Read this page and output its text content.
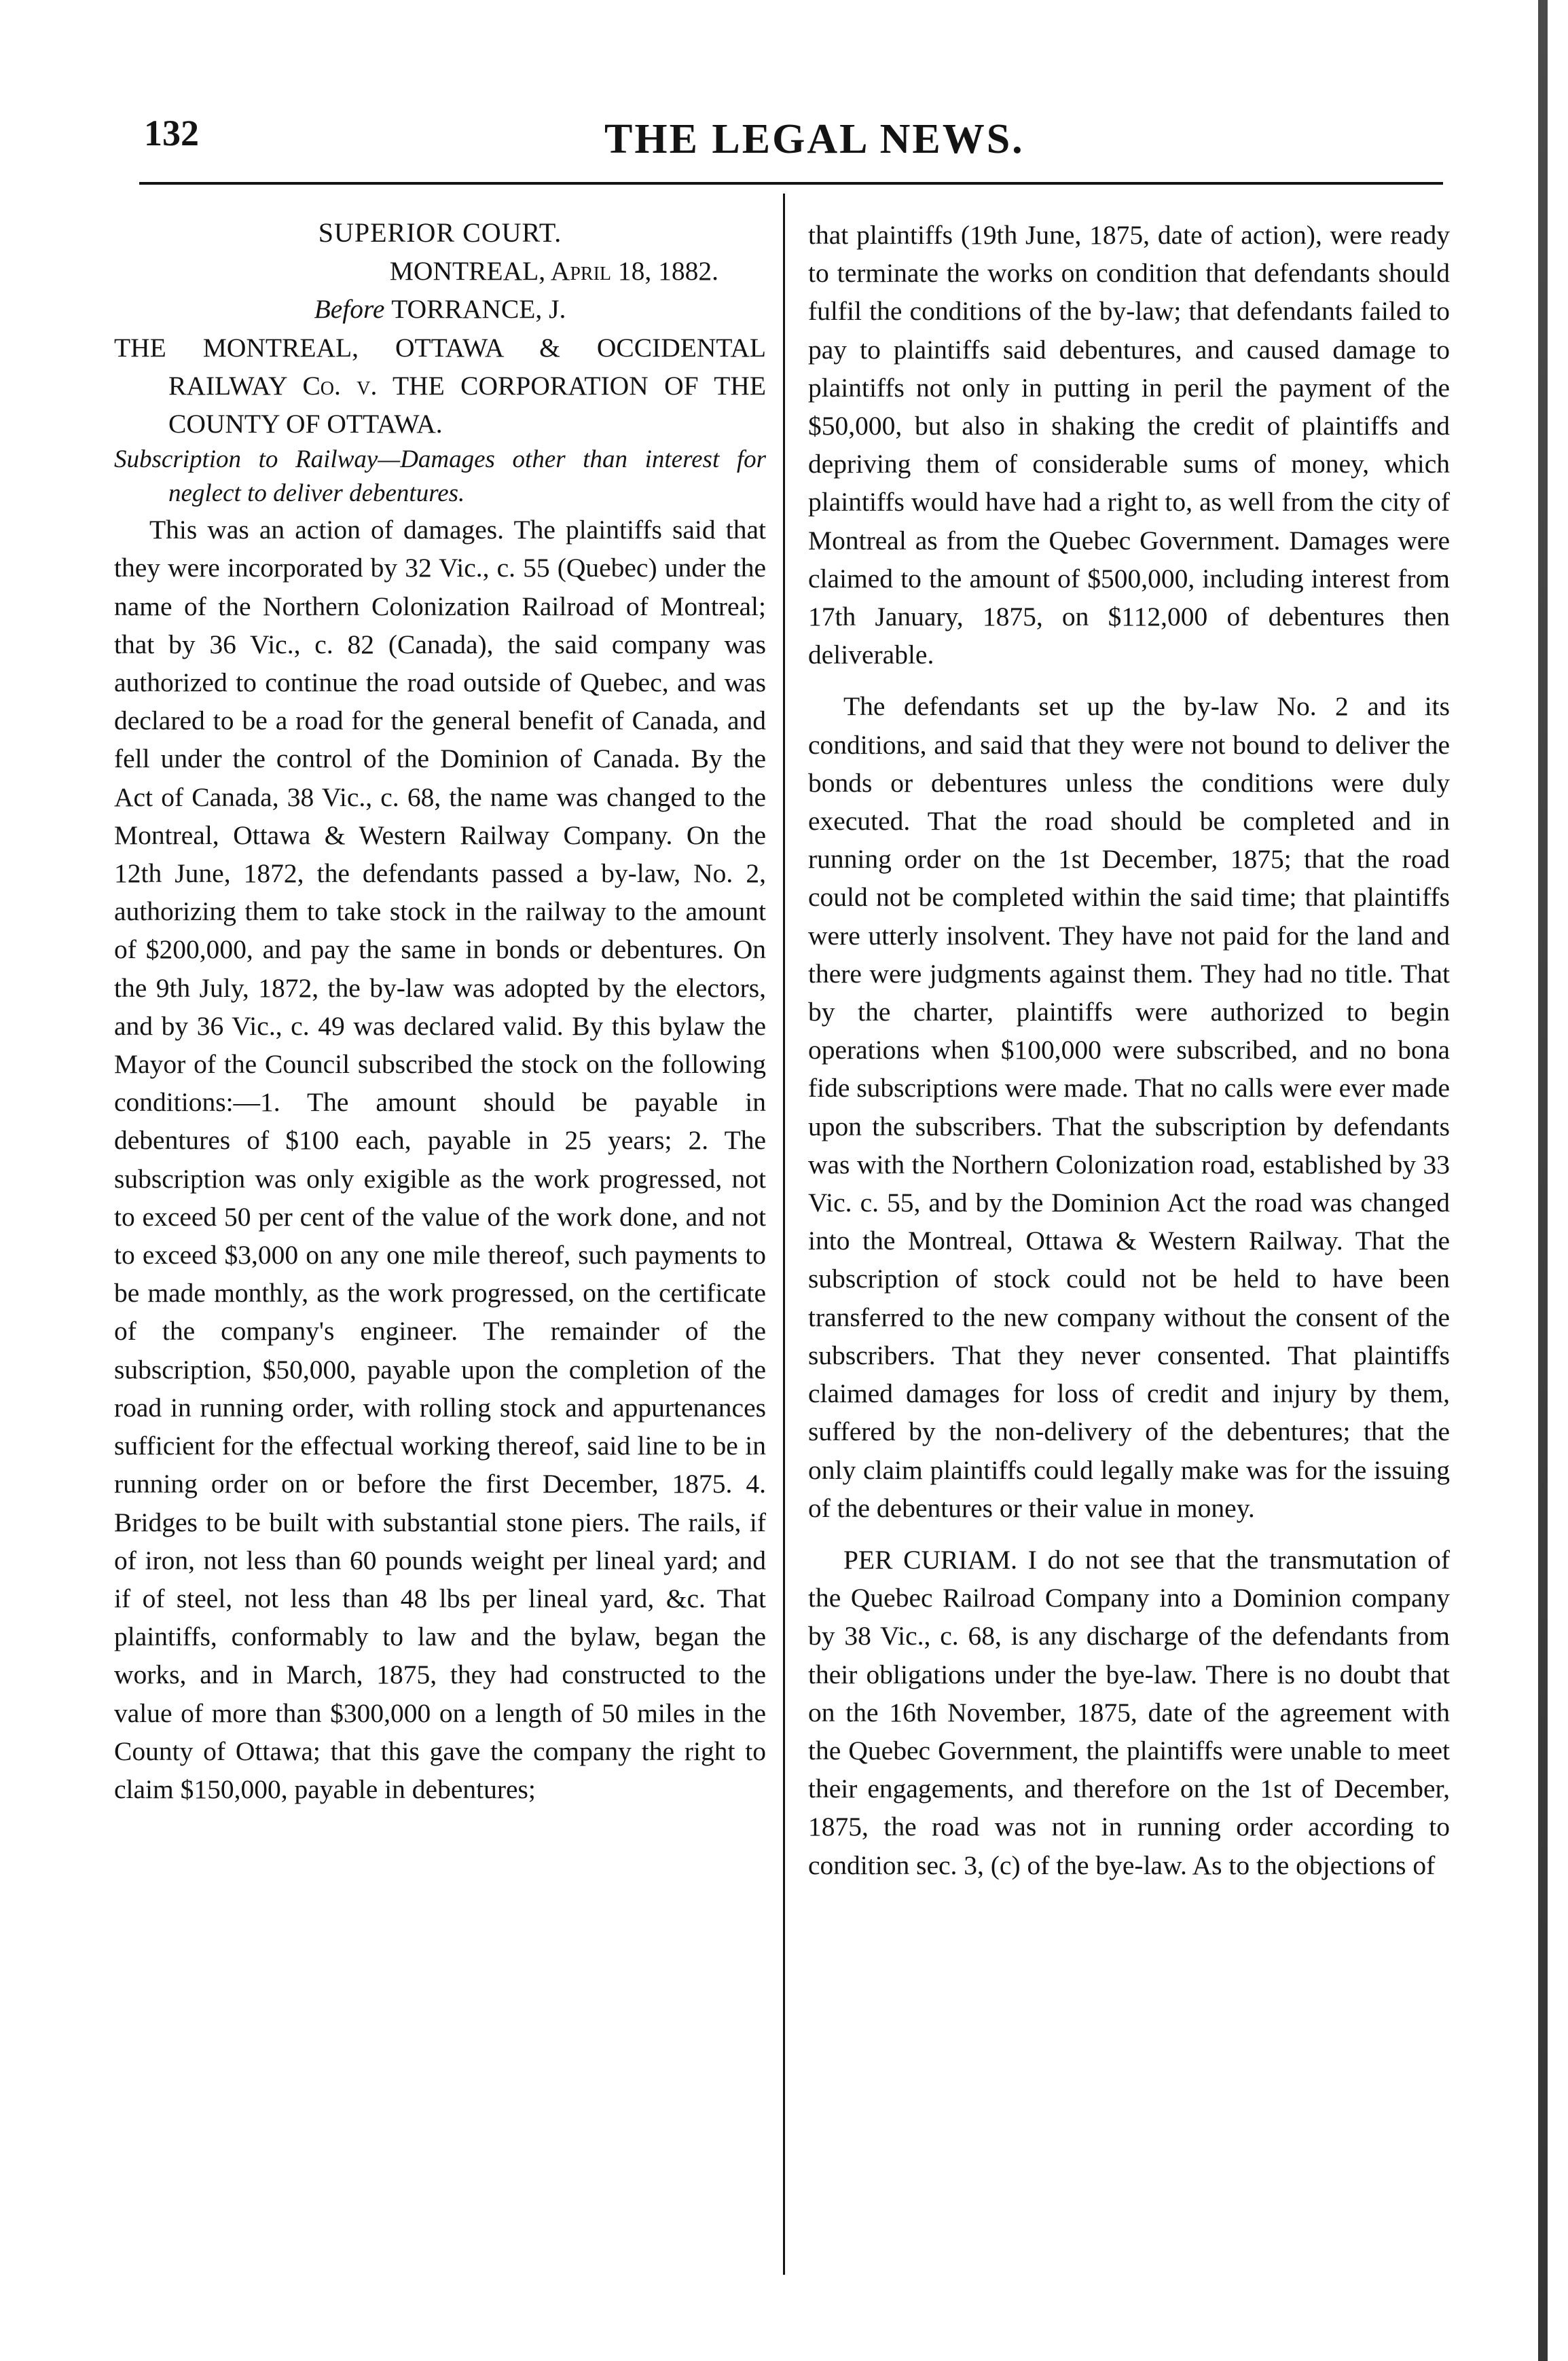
132	THE LEGAL NEWS.

SUPERIOR COURT.

MONTREAL, April 18, 1882.

Before TORRANCE, J.

THE MONTREAL, OTTAWA & OCCIDENTAL RAILWAY Co. v. THE CORPORATION OF THE COUNTY OF OTTAWA.

Subscription to Railway—Damages other than interest for neglect to deliver debentures.

This was an action of damages. The plaintiffs said that they were incorporated by 32 Vic., c. 55 (Quebec) under the name of the Northern Colonization Railroad of Montreal; that by 36 Vic., c. 82 (Canada), the said company was authorized to continue the road outside of Quebec, and was declared to be a road for the general benefit of Canada, and fell under the control of the Dominion of Canada. By the Act of Canada, 38 Vic., c. 68, the name was changed to the Montreal, Ottawa & Western Railway Company. On the 12th June, 1872, the defendants passed a by-law, No. 2, authorizing them to take stock in the railway to the amount of $200,000, and pay the same in bonds or debentures. On the 9th July, 1872, the by-law was adopted by the electors, and by 36 Vic., c. 49 was declared valid. By this bylaw the Mayor of the Council subscribed the stock on the following conditions:—1. The amount should be payable in debentures of $100 each, payable in 25 years; 2. The subscription was only exigible as the work progressed, not to exceed 50 per cent of the value of the work done, and not to exceed $3,000 on any one mile thereof, such payments to be made monthly, as the work progressed, on the certificate of the company's engineer. The remainder of the subscription, $50,000, payable upon the completion of the road in running order, with rolling stock and appurtenances sufficient for the effectual working thereof, said line to be in running order on or before the first December, 1875. 4. Bridges to be built with substantial stone piers. The rails, if of iron, not less than 60 pounds weight per lineal yard; and if of steel, not less than 48 lbs per lineal yard, &c. That plaintiffs, conformably to law and the bylaw, began the works, and in March, 1875, they had constructed to the value of more than $300,000 on a length of 50 miles in the County of Ottawa; that this gave the company the right to claim $150,000, payable in debentures;

that plaintiffs (19th June, 1875, date of action), were ready to terminate the works on condition that defendants should fulfil the conditions of the by-law; that defendants failed to pay to plaintiffs said debentures, and caused damage to plaintiffs not only in putting in peril the payment of the $50,000, but also in shaking the credit of plaintiffs and depriving them of considerable sums of money, which plaintiffs would have had a right to, as well from the city of Montreal as from the Quebec Government. Damages were claimed to the amount of $500,000, including interest from 17th January, 1875, on $112,000 of debentures then deliverable.

The defendants set up the by-law No. 2 and its conditions, and said that they were not bound to deliver the bonds or debentures unless the conditions were duly executed. That the road should be completed and in running order on the 1st December, 1875; that the road could not be completed within the said time; that plaintiffs were utterly insolvent. They have not paid for the land and there were judgments against them. They had no title. That by the charter, plaintiffs were authorized to begin operations when $100,000 were subscribed, and no bona fide subscriptions were made. That no calls were ever made upon the subscribers. That the subscription by defendants was with the Northern Colonization road, established by 33 Vic. c. 55, and by the Dominion Act the road was changed into the Montreal, Ottawa & Western Railway. That the subscription of stock could not be held to have been transferred to the new company without the consent of the subscribers. That they never consented. That plaintiffs claimed damages for loss of credit and injury by them, suffered by the non-delivery of the debentures; that the only claim plaintiffs could legally make was for the issuing of the debentures or their value in money.

PER CURIAM. I do not see that the transmutation of the Quebec Railroad Company into a Dominion company by 38 Vic., c. 68, is any discharge of the defendants from their obligations under the bye-law. There is no doubt that on the 16th November, 1875, date of the agreement with the Quebec Government, the plaintiffs were unable to meet their engagements, and therefore on the 1st of December, 1875, the road was not in running order according to condition sec. 3, (c) of the bye-law. As to the objections of
